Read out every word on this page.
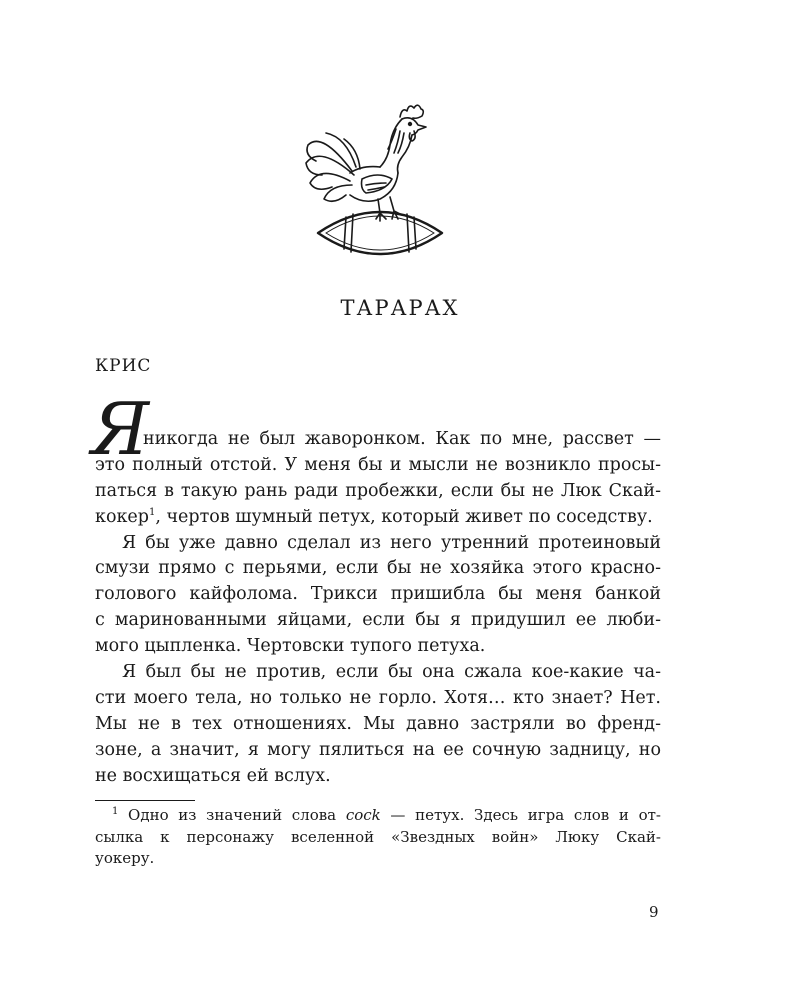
ТАРАРАХ
КРИС
Я
никогда не был жаворонком. Как по мне, рассвет —
это полный отстой. У меня бы и мысли не возникло просы-
паться в такую рань ради пробежки, если бы не Люк Скай-
кокер$^1$, чертов шумный петух, который живет по соседству.
Я бы уже давно сделал из него утренний протеиновый
смузи прямо с перьями, если бы не хозяйка этого красно-
голового кайфолома. Трикси пришибла бы меня банкой
с маринованными яйцами, если бы я придушил ее люби-
мого цыпленка. Чертовски тупого петуха.
Я был бы не против, если бы она сжала кое-какие ча-
сти моего тела, но только не горло. Хотя… кто знает? Нет.
Мы не в тех отношениях. Мы давно застряли во френд-
зоне, а значит, я могу пялиться на ее сочную задницу, но
не восхищаться ей вслух.
$^1$ Одно из значений слова cock — петух. Здесь игра слов и от-
сылка к персонажу вселенной «Звездных войн» Люку Скай-
уокеру.
9
